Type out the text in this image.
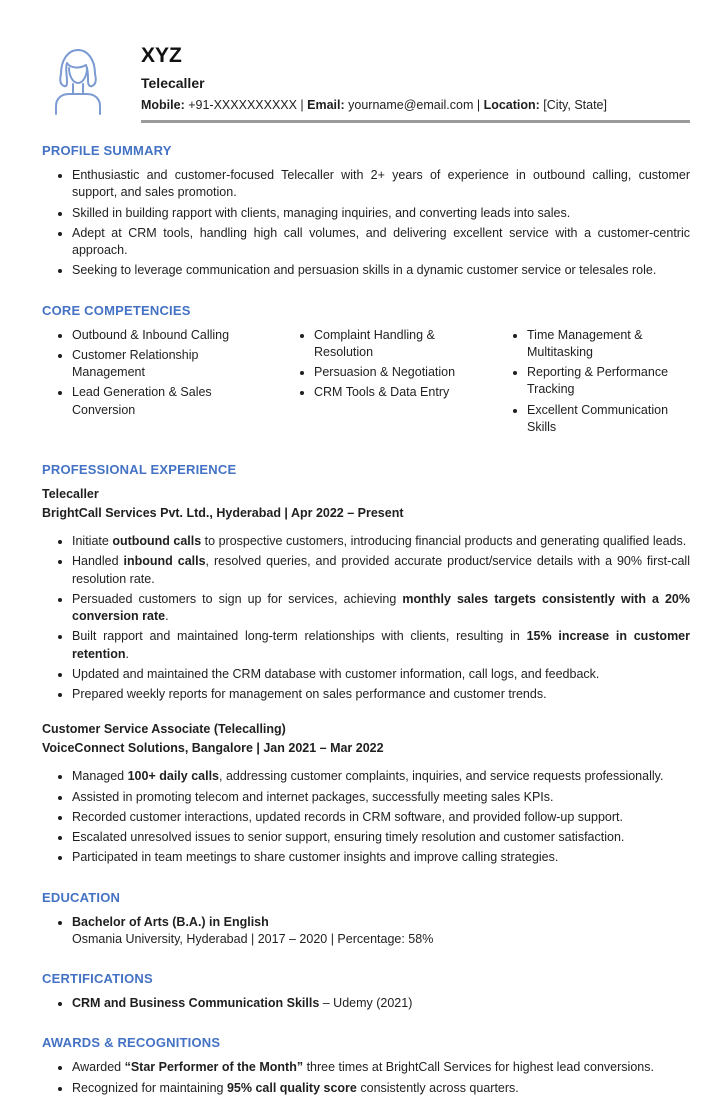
XYZ
Telecaller

Mobile: +91-XXXXXXXXXX | Email: yourname@email.com | Location: [City, State]

PROFILE SUMMARY
• Enthusiastic and customer-focused Telecaller with 2+ years of experience in outbound calling, customer support, and sales promotion.
• Skilled in building rapport with clients, managing inquiries, and converting leads into sales.
• Adept at CRM tools, handling high call volumes, and delivering excellent service with a customer-centric approach.
• Seeking to leverage communication and persuasion skills in a dynamic customer service or telesales role.
CORE COMPETENCIES
• Outbound & Inbound Calling
• Customer Relationship Management
• Lead Generation & Sales Conversion
• Complaint Handling & Resolution
• Persuasion & Negotiation
• CRM Tools & Data Entry
• Time Management & Multitasking
• Reporting & Performance Tracking
• Excellent Communication Skills
PROFESSIONAL EXPERIENCE

Telecaller

BrightCall Services Pvt. Ltd., Hyderabad | Apr 2022 – Present

• Initiate outbound calls to prospective customers, introducing financial products and generating qualified leads.
• Handled inbound calls, resolved queries, and provided accurate product/service details with a 90% first-call resolution rate.
• Persuaded customers to sign up for services, achieving monthly sales targets consistently with a 20% conversion rate.
• Built rapport and maintained long-term relationships with clients, resulting in 15% increase in customer retention.
• Updated and maintained the CRM database with customer information, call logs, and feedback.
• Prepared weekly reports for management on sales performance and customer trends.

Customer Service Associate (Telecalling)

VoiceConnect Solutions, Bangalore | Jan 2021 – Mar 2022

• Managed 100+ daily calls, addressing customer complaints, inquiries, and service requests professionally.
• Assisted in promoting telecom and internet packages, successfully meeting sales KPIs.
• Recorded customer interactions, updated records in CRM software, and provided follow-up support.
• Escalated unresolved issues to senior support, ensuring timely resolution and customer satisfaction.
• Participated in team meetings to share customer insights and improve calling strategies.
EDUCATION
• Bachelor of Arts (B.A.) in English
Osmania University, Hyderabad | 2017 – 2020 | Percentage: 58%
CERTIFICATIONS
• CRM and Business Communication Skills – Udemy (2021)
AWARDS & RECOGNITIONS
• Awarded “Star Performer of the Month” three times at BrightCall Services for highest lead conversions.
• Recognized for maintaining 95% call quality score consistently across quarters.
